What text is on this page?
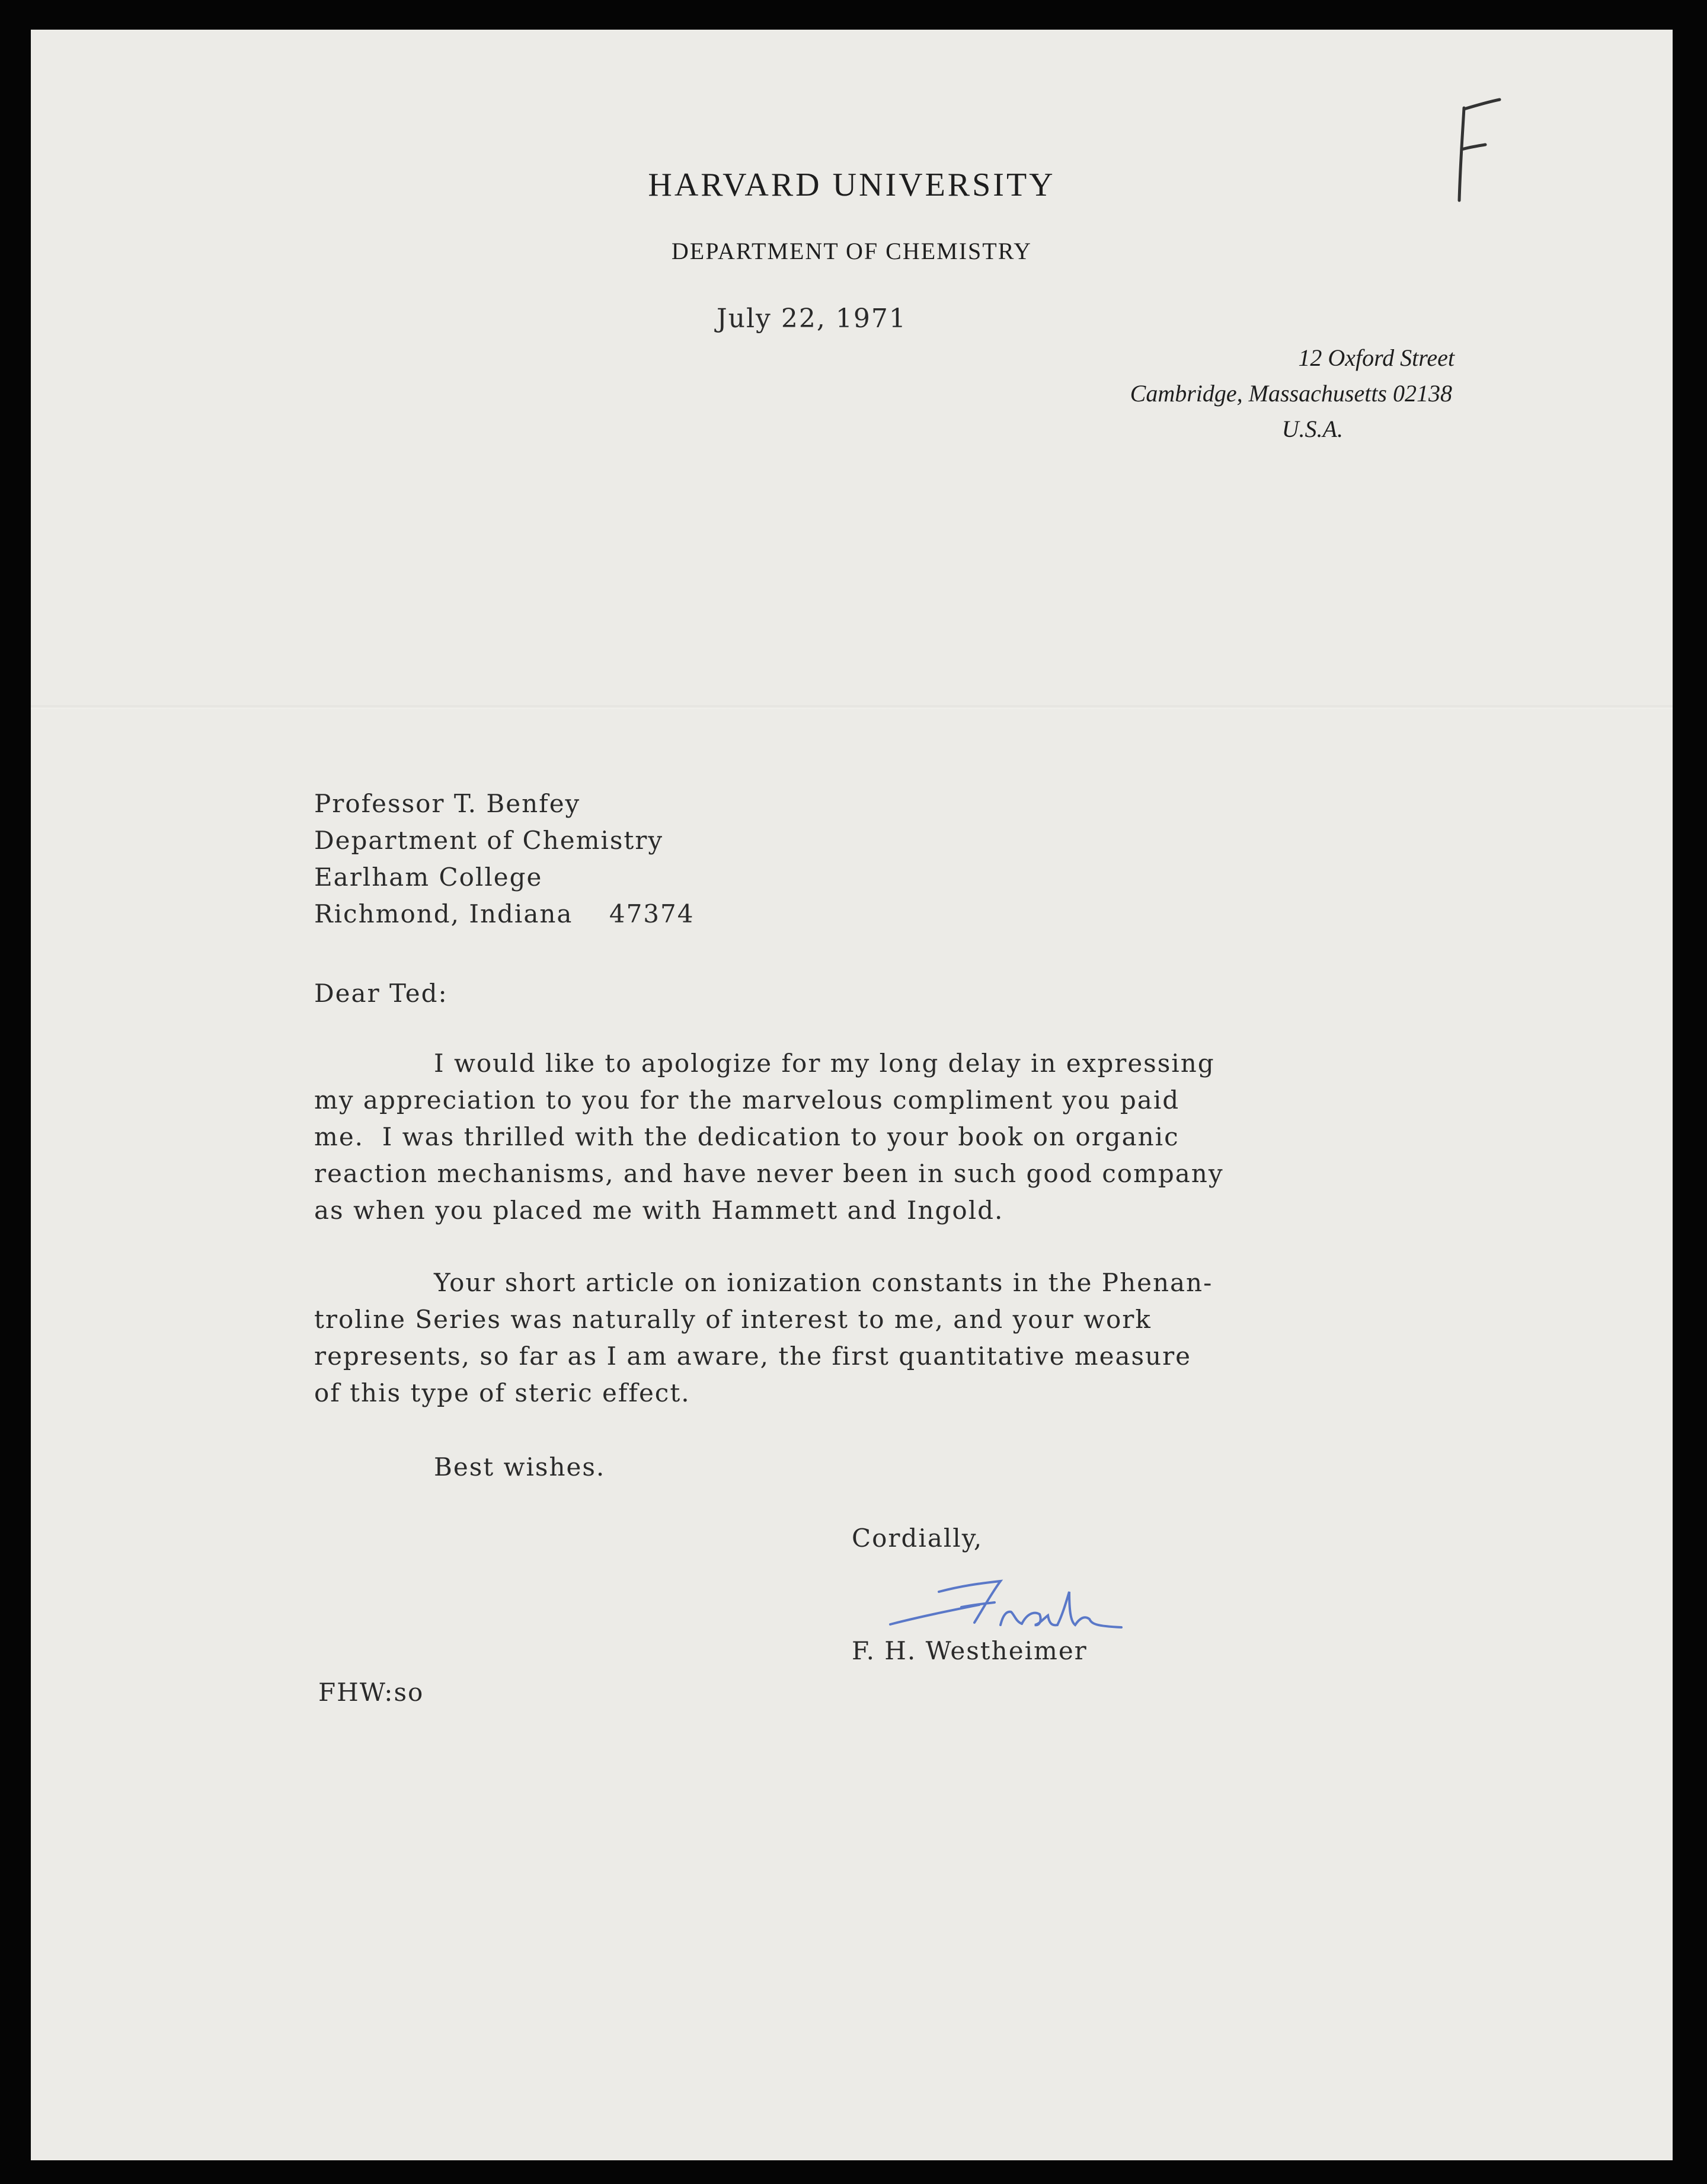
HARVARD UNIVERSITY
DEPARTMENT OF CHEMISTRY
July 22, 1971
12 Oxford Street
Cambridge, Massachusetts 02138
U.S.A.
Professor T. Benfey
Department of Chemistry
Earlham College
Richmond, Indiana    47374
Dear Ted:
I would like to apologize for my long delay in expressing
my appreciation to you for the marvelous compliment you paid
me.  I was thrilled with the dedication to your book on organic
reaction mechanisms, and have never been in such good company
as when you placed me with Hammett and Ingold.
Your short article on ionization constants in the Phenan-
troline Series was naturally of interest to me, and your work
represents, so far as I am aware, the first quantitative measure
of this type of steric effect.
Best wishes.
Cordially,
F. H. Westheimer
FHW:so
